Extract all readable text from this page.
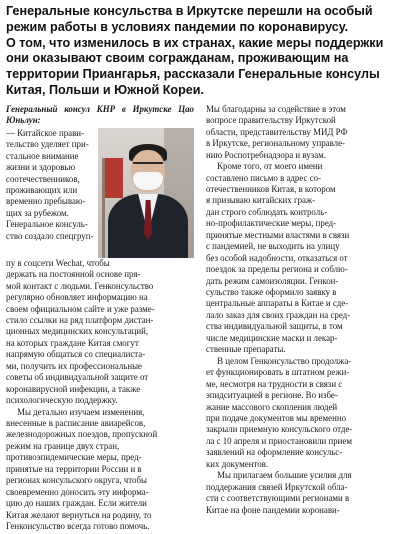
Генеральные консульства в Иркутске перешли на особый
режим работы в условиях пандемии по коронавирусу.
О том, что изменилось в их странах, какие меры поддержки
они оказывают своим согражданам, проживающим на
территории Приангарья, рассказали Генеральные консулы
Китая, Польши и Южной Кореи.

Генеральный консул КНР в Иркутске Цао Юньлун:

— Китайское прави-
тельство уделяет при-
стальное внимание
жизни и здоровью
соотечественников,
проживающих или
временно пребываю-
щих за рубежом.
Генеральное консуль-
ство создало спецгруп-
пу в соцсети Wechat, чтобы
держать на постоянной основе пря-
мой контакт с людьми. Генконсульство
регулярно обновляет информацию на
своем официальном сайте и уже разме-
стило ссылки на ряд платформ дистан-
ционных медицинских консультаций,
на которых граждане Китая смогут
напрямую общаться со специалиста-
ми, получить их профессиональные
советы об индивидуальной защите от
коронавирусной инфекции, а также
психологическую поддержку.
Мы детально изучаем изменения,
внесенные в расписание авиарейсов,
железнодорожных поездов, пропускной
режим на границе двух стран,
противоэпидемические меры, пред-
принятые на территории России и в
регионах консульского округа, чтобы
своевременно доносить эту информа-
цию до наших граждан. Если жители
Китая желают вернуться на родину, то
Генконсульство всегда готово помочь.
Мы благодарны за содействие в этом
вопросе правительству Иркутской
области, представительству МИД РФ
в Иркутске, региональному управле-
нию Роспотребнадзора и вузам.
Кроме того, от моего имени
составлено письмо в адрес со-
отечественников Китая, в котором
я призываю китайских граж-
дан строго соблюдать контроль-
но-профилактические меры, пред-
принятые местными властями в связи
с пандемией, не выходить на улицу
без особой надобности, отказаться от
поездок за пределы региона и соблю-
дать режим самоизоляции. Генкон-
сульство также оформило заявку в
центральные аппараты в Китае и сде-
лало заказ для своих граждан на сред-
ства индивидуальной защиты, в том
числе медицинские маски и лекар-
ственные препараты.
В целом Генконсульство продолжа-
ет функционировать в штатном режи-
ме, несмотря на трудности в связи с
эпидситуацией в регионе. Во избе-
жание массового скопления людей
при подаче документов мы временно
закрыли приемную консульского отде-
ла с 10 апреля и приостановили прием
заявлений на оформление консульс-
ких документов.
Мы прилагаем большие усилия для
поддержания связей Иркутской обла-
сти с соответствующими регионами в
Китае на фоне пандемии коронави-
